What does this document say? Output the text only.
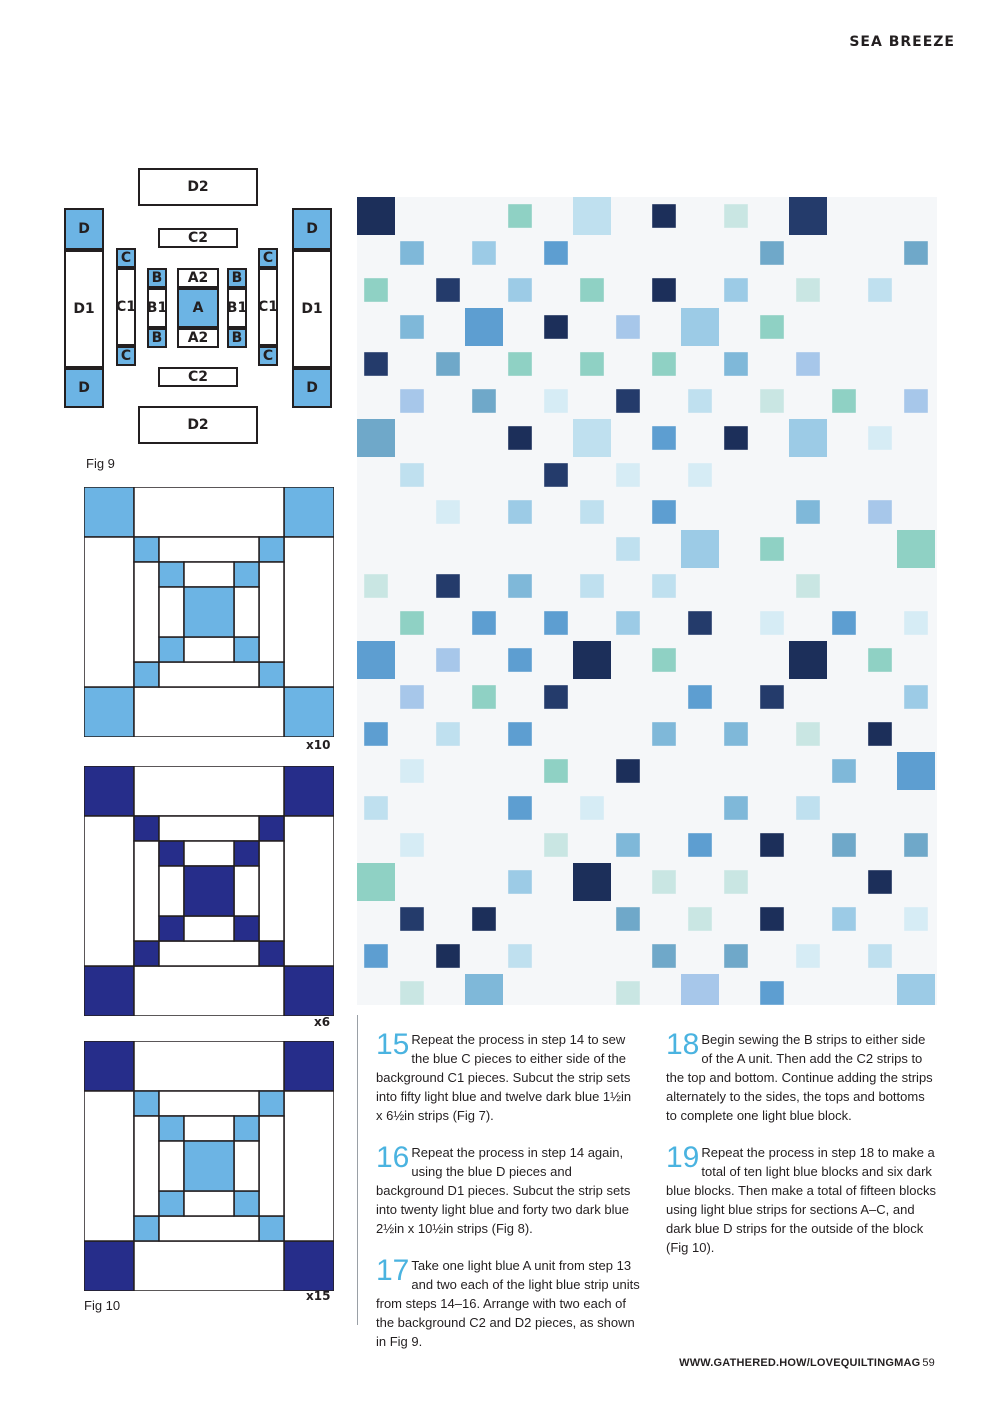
SEA BREEZE
D2
C2
D
D1
D
D
D1
D
C
C1
C
C
C1
C
B
B1
B
B
B1
B
A2
A
A2
C2
D2
Fig 9
x10
x6
x15
Fig 10

15 Repeat the process in step 14 to sew the blue C pieces to either side of the background C1 pieces. Subcut the strip sets into fifty light blue and twelve dark blue 1½in x 6½in strips (Fig 7).

16 Repeat the process in step 14 again, using the blue D pieces and background D1 pieces. Subcut the strip sets into twenty light blue and forty two dark blue 2½in x 10½in strips (Fig 8).

17 Take one light blue A unit from step 13 and two each of the light blue strip units from steps 14–16. Arrange with two each of the background C2 and D2 pieces, as shown in Fig 9.

18 Begin sewing the B strips to either side of the A unit. Then add the C2 strips to the top and bottom. Continue adding the strips alternately to the sides, the tops and bottoms to complete one light blue block.

19 Repeat the process in step 18 to make a total of ten light blue blocks and six dark blue blocks. Then make a total of fifteen blocks using light blue strips for sections A–C, and dark blue D strips for the outside of the block (Fig 10).

WWW.GATHERED.HOW/LOVEQUILTINGMAG 59
